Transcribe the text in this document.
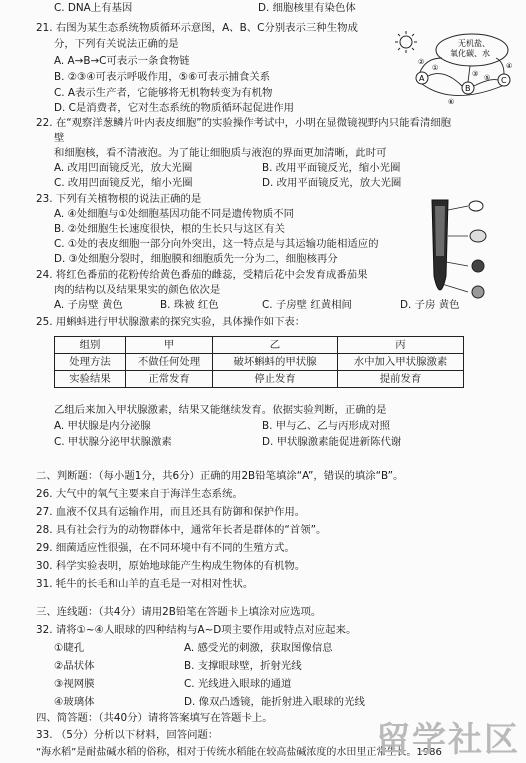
C. DNA上有基因	D. 细胞核里有染色体
21. 右图为某生态系统物质循环示意图，A、B、C分别表示三种生物成
分，下列有关说法正确的是
A. A→B→C可表示一条食物链
B. ②③④可表示呼吸作用，⑤⑥可表示捕食关系
C. A表示生产者，它能够将无机物转变为有机物
D. C是消费者，它对生态系统的物质循环起促进作用
无机盐、
氧化碳、水
A
B
C
①
②
③
④
⑤
⑥
22. 在“观察洋葱鳞片叶内表皮细胞”的实验操作考试中，小明在显微镜视野内只能看清细胞
壁
和细胞核，看不清液泡。为了能让细胞质与液泡的界面更加清晰，此时可
A. 改用凹面镜反光，放大光圈	B. 改用平面镜反光，缩小光圈
C. 改用凹面镜反光，缩小光圈	D. 改用平面镜反光，放大光圈
23. 下列有关植物根的说法正确的是
A. ④处细胞与①处细胞基因功能不同是遗传物质不同
B. ②处细胞生长速度很快，根的生长只与这区有关
C. ①处的表皮细胞一部分向外突出，这一特点是与其运输功能相适应的
D. ③处细胞分裂时，细胞膜和细胞质先一分为二，细胞核再分
24. 将红色番茄的花粉传给黄色番茄的雌蕊，受精后花中会发育成番茄果
肉的结构以及结果果实的颜色依次是
A. 子房壁 黄色	B. 珠被 红色	C. 子房壁 红黄相间	D. 子房 黄色
25. 用蝌蚪进行甲状腺激素的探究实验，具体操作如下表：
组别	甲	乙	丙
处理方法	不做任何处理	破坏蝌蚪的甲状腺	水中加入甲状腺激素
实验结果	正常发育	停止发育	提前发育
乙组后来加入甲状腺激素，结果又能继续发育。依据实验判断，正确的是
A. 甲状腺是内分泌腺	B. 甲与乙、乙与丙形成对照
C. 甲状腺分泌甲状腺激素	D. 甲状腺激素能促进新陈代谢
二、判断题：（每小题1分，共6分）正确的用2B铅笔填涂“A”，错误的填涂“B”。
26. 大气中的氧气主要来自于海洋生态系统。
27. 血液不仅具有运输作用，而且还具有防御和保护作用。
28. 具有社会行为的动物群体中，通常年长者是群体的“首领”。
29. 细菌适应性很强，在不同环境中有不同的生殖方式。
30. 科学实验表明，原始地球能产生构成生物体的有机物。
31. 牦牛的长毛和山羊的直毛是一对相对性状。
三、连线题：（共4分）请用2B铅笔在答题卡上填涂对应选项。
32. 请将①~④人眼球的四种结构与A~D项主要作用或特点对应起来。
①睫孔	A. 感受光的刺激，获取图像信息
②晶状体	B. 支撑眼球壁，折射光线
③视网膜	C. 光线进入眼球的通道
④玻璃体	D. 像双凸透镜，能折射进入眼球的光线
四、简答题：（共40分）请将答案填写在答题卡上。
33. （5分）分析以下材料，回答问题：
“海水稻”是耐盐碱水稻的俗称，相对于传统水稻能在较高盐碱浓度的水田里正常生长。1986
留学社区
